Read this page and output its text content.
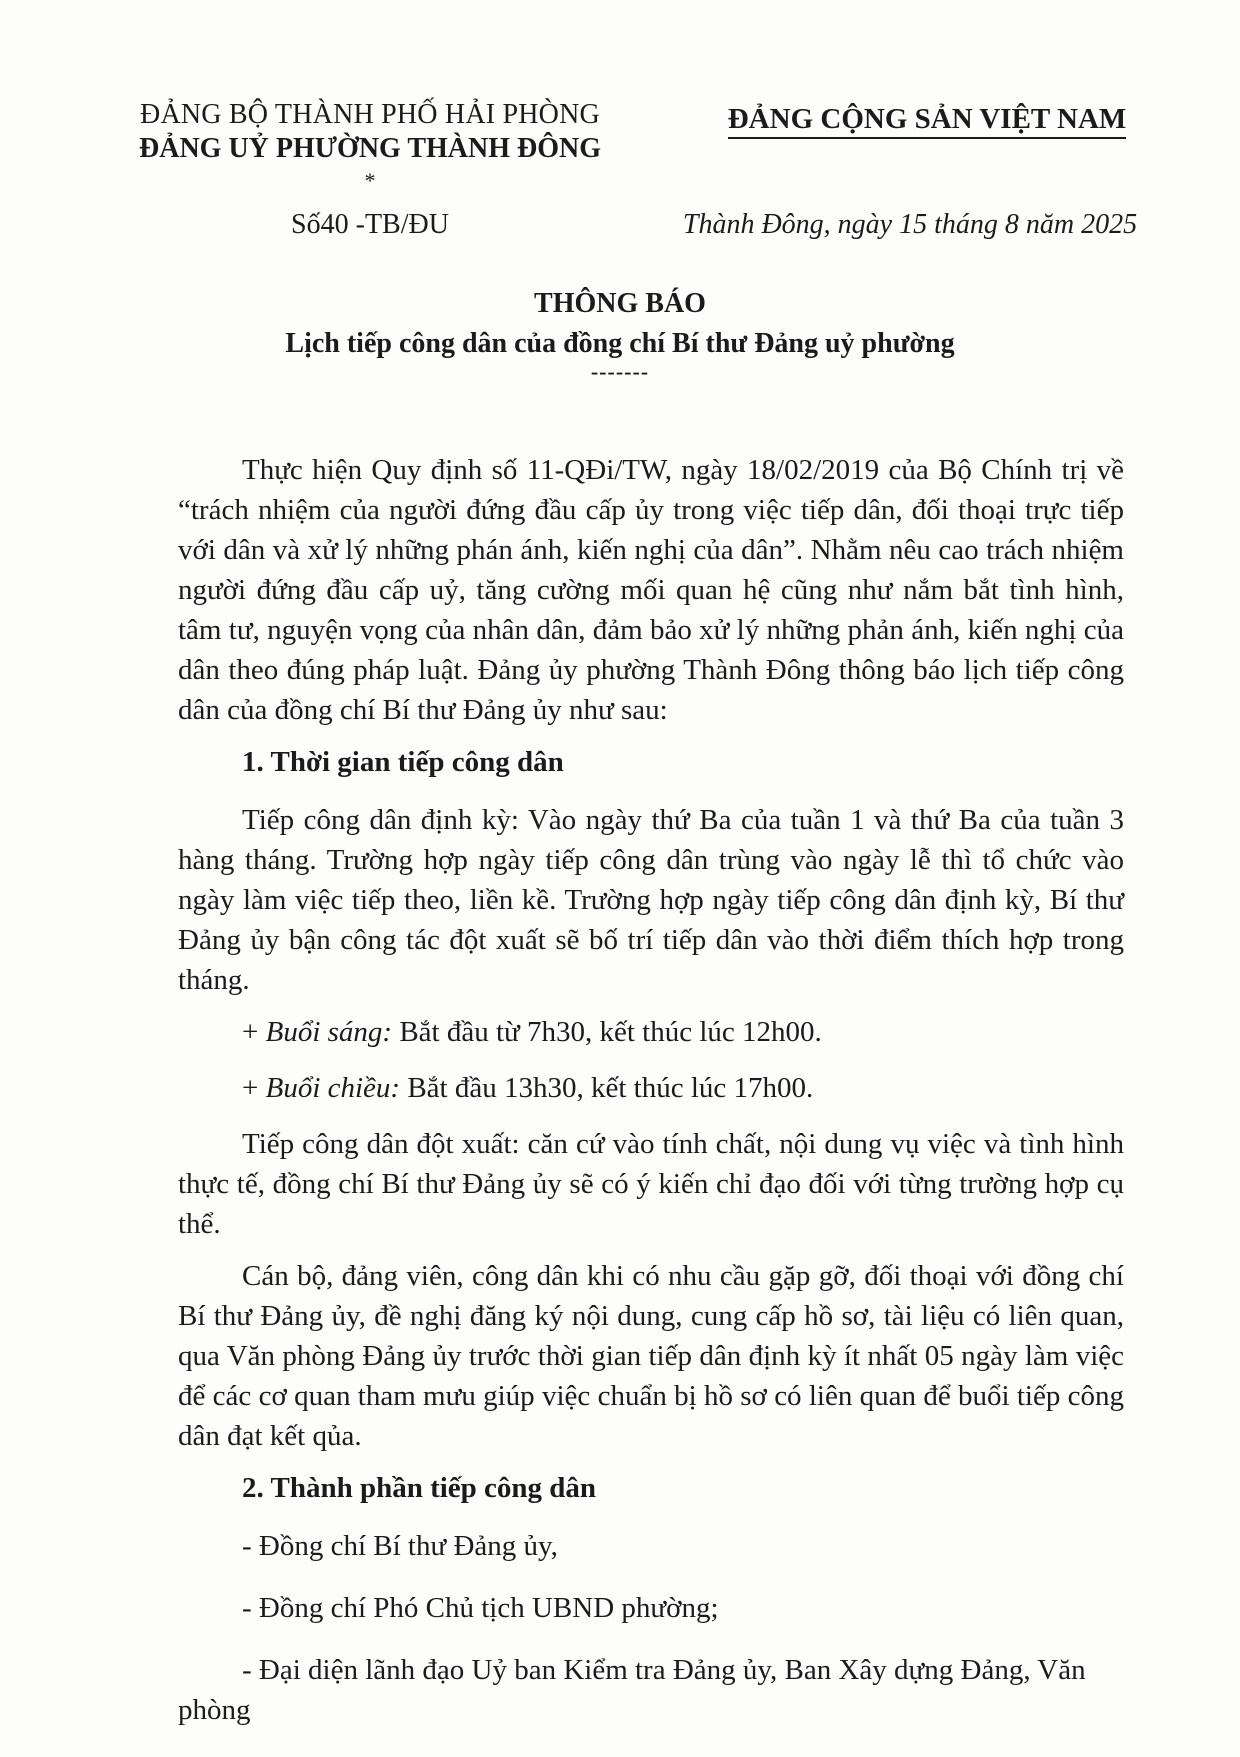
ĐẢNG BỘ THÀNH PHỐ HẢI PHÒNG
ĐẢNG UỶ PHƯỜNG THÀNH ĐÔNG
*
ĐẢNG CỘNG SẢN VIỆT NAM
Số40 -TB/ĐU	Thành Đông, ngày 15 tháng 8 năm 2025
THÔNG BÁO
Lịch tiếp công dân của đồng chí Bí thư Đảng uỷ phường
-------

Thực hiện Quy định số 11-QĐi/TW, ngày 18/02/2019 của Bộ Chính trị về “trách nhiệm của người đứng đầu cấp ủy trong việc tiếp dân, đối thoại trực tiếp với dân và xử lý những phán ánh, kiến nghị của dân”. Nhằm nêu cao trách nhiệm người đứng đầu cấp uỷ, tăng cường mối quan hệ cũng như nắm bắt tình hình, tâm tư, nguyện vọng của nhân dân, đảm bảo xử lý những phản ánh, kiến nghị của dân theo đúng pháp luật. Đảng ủy phường Thành Đông thông báo lịch tiếp công dân của đồng chí Bí thư Đảng ủy như sau:

1. Thời gian tiếp công dân

Tiếp công dân định kỳ: Vào ngày thứ Ba của tuần 1 và thứ Ba của tuần 3 hàng tháng. Trường hợp ngày tiếp công dân trùng vào ngày lễ thì tổ chức vào ngày làm việc tiếp theo, liền kề. Trường hợp ngày tiếp công dân định kỳ, Bí thư Đảng ủy bận công tác đột xuất sẽ bố trí tiếp dân vào thời điểm thích hợp trong tháng.

+ Buổi sáng: Bắt đầu từ 7h30, kết thúc lúc 12h00.

+ Buổi chiều: Bắt đầu 13h30, kết thúc lúc 17h00.

Tiếp công dân đột xuất: căn cứ vào tính chất, nội dung vụ việc và tình hình thực tế, đồng chí Bí thư Đảng ủy sẽ có ý kiến chỉ đạo đối với từng trường hợp cụ thể.

Cán bộ, đảng viên, công dân khi có nhu cầu gặp gỡ, đối thoại với đồng chí Bí thư Đảng ủy, đề nghị đăng ký nội dung, cung cấp hồ sơ, tài liệu có liên quan, qua Văn phòng Đảng ủy trước thời gian tiếp dân định kỳ ít nhất 05 ngày làm việc để các cơ quan tham mưu giúp việc chuẩn bị hồ sơ có liên quan để buổi tiếp công dân đạt kết qủa.

2. Thành phần tiếp công dân

- Đồng chí Bí thư Đảng ủy,

- Đồng chí Phó Chủ tịch UBND phường;

- Đại diện lãnh đạo Uỷ ban Kiểm tra Đảng ủy, Ban Xây dựng Đảng, Văn phòng
